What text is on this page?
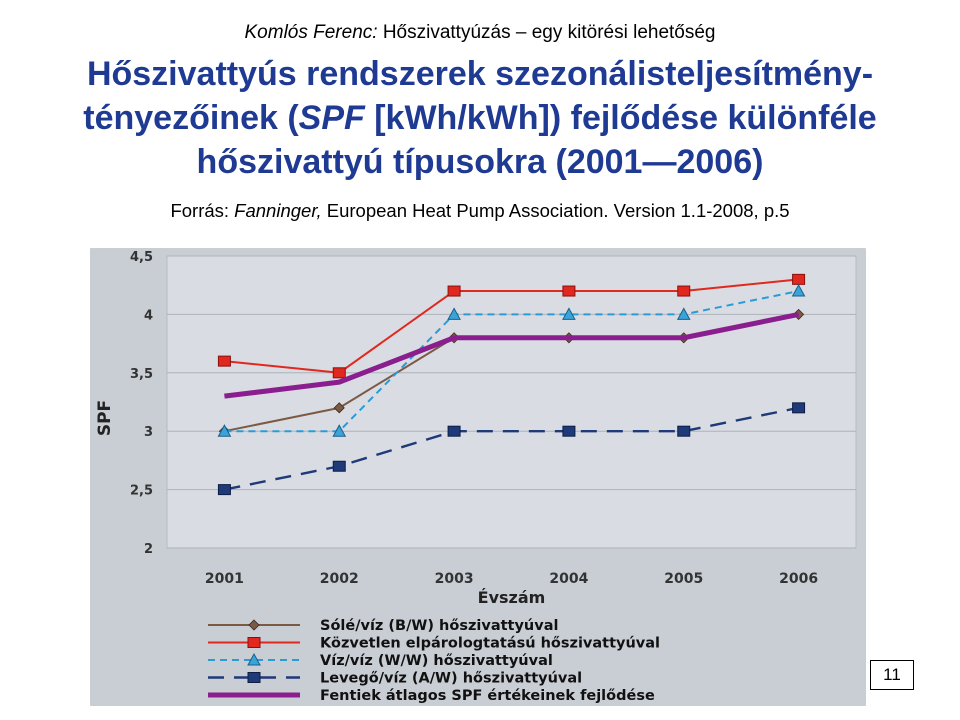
Komlós Ferenc: Hőszivattyúzás – egy kitörési lehetőség
Hőszivattyús rendszerek szezonálisteljesítmény-
tényezőinek (SPF [kWh/kWh]) fejlődése különféle
hőszivattyú típusokra (2001―2006)
Forrás: Fanninger, European Heat Pump Association. Version 1.1-2008, p.5
2
2,5
3
3,5
4
4,5
SPF
2001	2002	2003	2004	2005	2006
Évszám
Sólé/víz (B/W) hőszivattyúval
Közvetlen elpárologtatású hőszivattyúval
Víz/víz (W/W) hőszivattyúval
Levegő/víz (A/W) hőszivattyúval
Fentiek átlagos SPF értékeinek fejlődése
11
